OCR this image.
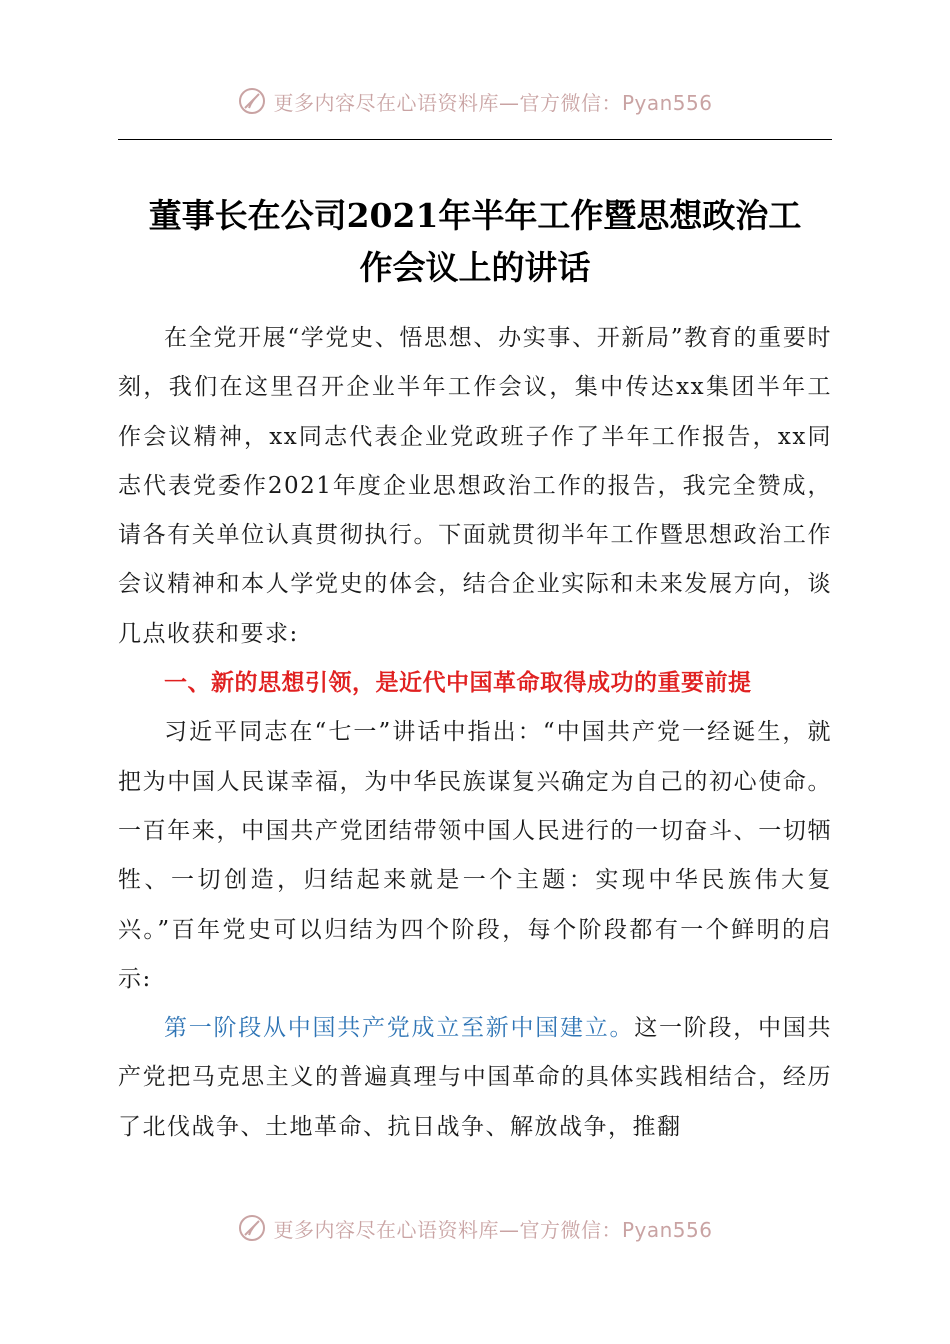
更多内容尽在心语资料库—官方微信：Pyan556
董事长在公司2021年半年工作暨思想政治工
作会议上的讲话

在全党开展“学党史、悟思想、办实事、开新局”教育的重要时刻，我们在这里召开企业半年工作会议，集中传达xx集团半年工作会议精神，xx同志代表企业党政班子作了半年工作报告，xx同志代表党委作2021年度企业思想政治工作的报告，我完全赞成，请各有关单位认真贯彻执行。下面就贯彻半年工作暨思想政治工作会议精神和本人学党史的体会，结合企业实际和未来发展方向，谈几点收获和要求:

一、新的思想引领，是近代中国革命取得成功的重要前提

习近平同志在“七一”讲话中指出：“中国共产党一经诞生，就把为中国人民谋幸福，为中华民族谋复兴确定为自己的初心使命。一百年来，中国共产党团结带领中国人民进行的一切奋斗、一切牺牲、一切创造，归结起来就是一个主题：实现中华民族伟大复兴。”百年党史可以归结为四个阶段，每个阶段都有一个鲜明的启示:

第一阶段从中国共产党成立至新中国建立。这一阶段，中国共产党把马克思主义的普遍真理与中国革命的具体实践相结合，经历了北伐战争、土地革命、抗日战争、解放战争，推翻

更多内容尽在心语资料库—官方微信：Pyan556
